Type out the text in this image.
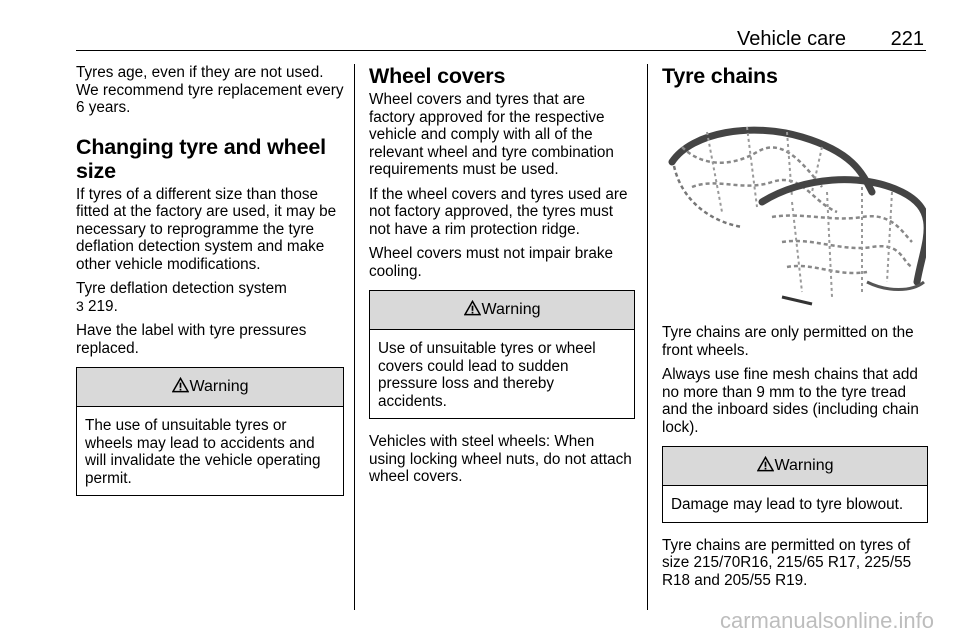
Vehicle care 221

Tyres age, even if they are not used. We recommend tyre replacement every 6 years.

Changing tyre and wheel size

If tyres of a different size than those fitted at the factory are used, it may be necessary to reprogramme the tyre deflation detection system and make other vehicle modifications.

Tyre deflation detection system
3 219.

Have the label with tyre pressures replaced.

Warning
The use of unsuitable tyres or wheels may lead to accidents and will invalidate the vehicle operating permit.
Wheel covers

Wheel covers and tyres that are factory approved for the respective vehicle and comply with all of the relevant wheel and tyre combination requirements must be used.

If the wheel covers and tyres used are not factory approved, the tyres must not have a rim protection ridge.

Wheel covers must not impair brake cooling.

Warning
Use of unsuitable tyres or wheel covers could lead to sudden pressure loss and thereby accidents.

Vehicles with steel wheels: When using locking wheel nuts, do not attach wheel covers.

Tyre chains

Tyre chains are only permitted on the front wheels.

Always use fine mesh chains that add no more than 9 mm to the tyre tread and the inboard sides (including chain lock).

Warning
Damage may lead to tyre blowout.

Tyre chains are permitted on tyres of size 215/70R16, 215/65 R17, 225/55 R18 and 205/55 R19.

carmanualsonline.info
